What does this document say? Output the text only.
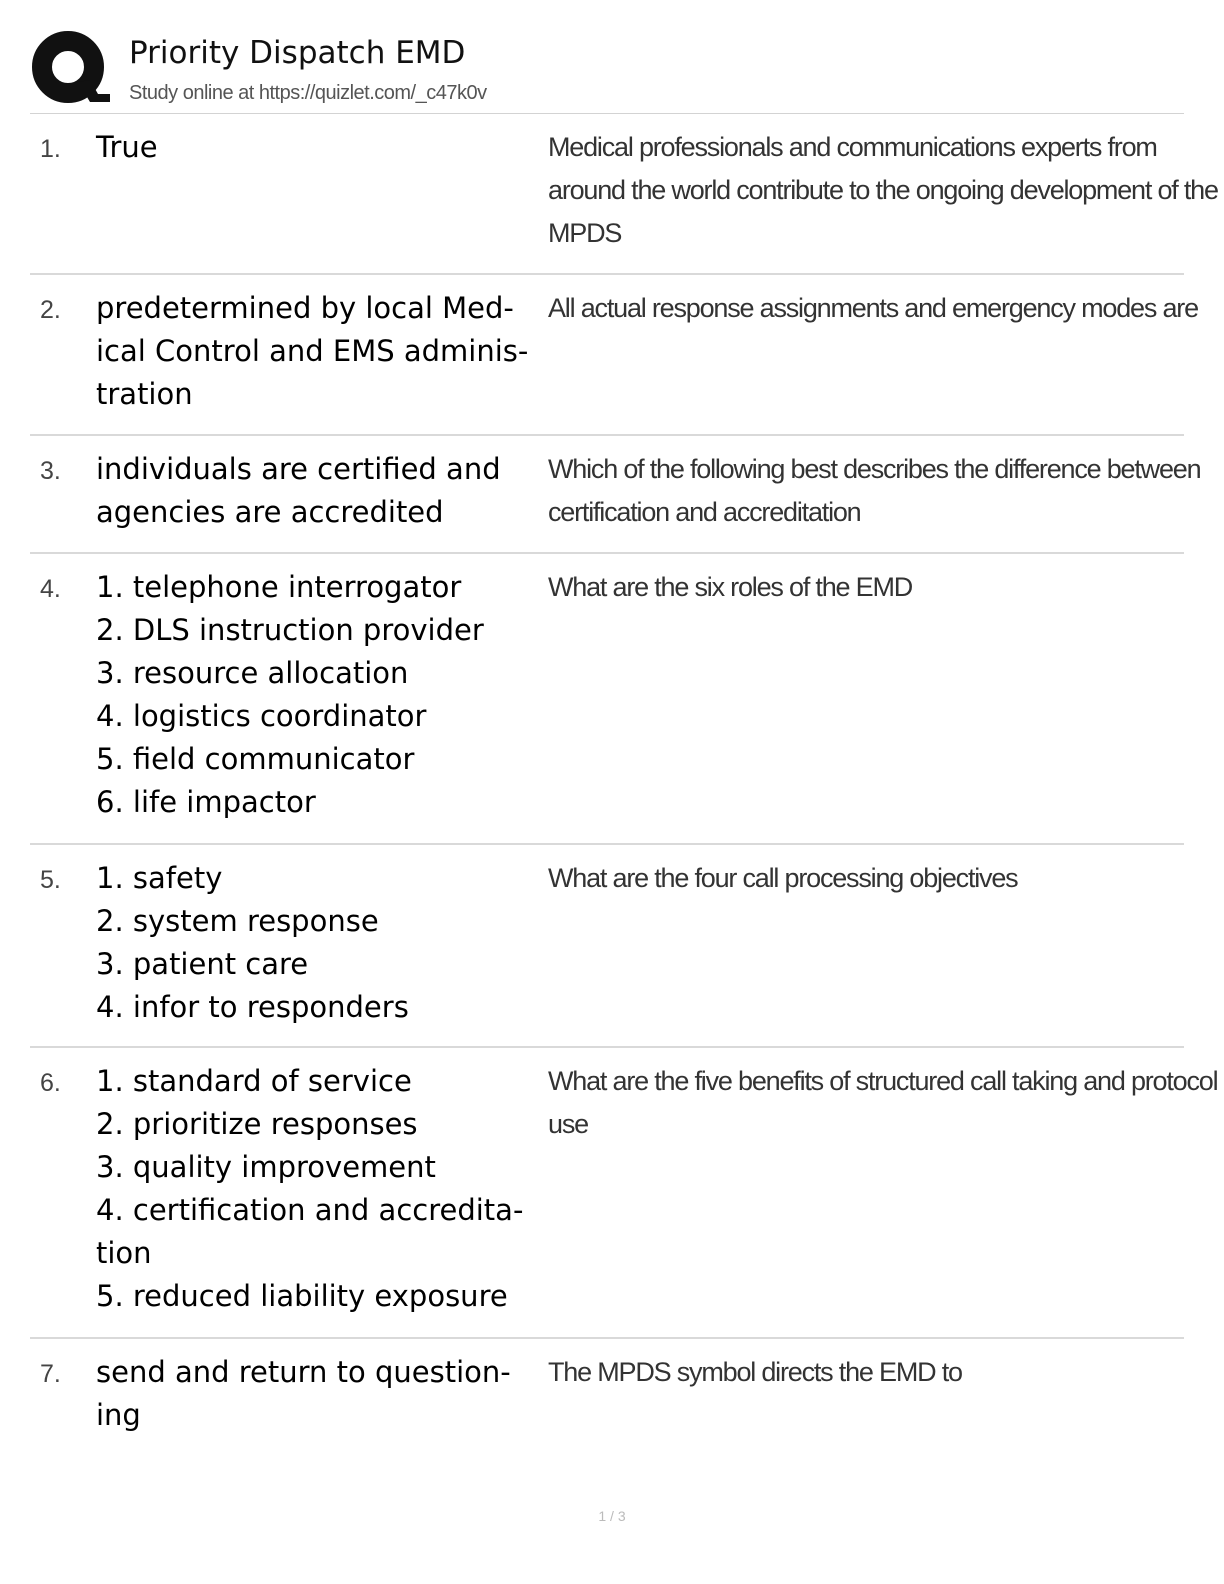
Priority Dispatch EMD
Study online at https://quizlet.com/_c47k0v
1.	True	Medical professionals and communications experts from
around the world contribute to the ongoing development of the
MPDS
2.	predetermined by local Med-
ical Control and EMS adminis-
tration
All actual response assignments and emergency modes are
3.	individuals are certified and
agencies are accredited
Which of the following best describes the difference between
certification and accreditation
4.	1. telephone interrogator
2. DLS instruction provider
3. resource allocation
4. logistics coordinator
5. field communicator
6. life impactor
What are the six roles of the EMD
5.	1. safety
2. system response
3. patient care
4. infor to responders
What are the four call processing objectives
6.	1. standard of service
2. prioritize responses
3. quality improvement
4. certification and accredita-
tion
5. reduced liability exposure
What are the five benefits of structured call taking and protocol
use
7.	send and return to question-
ing
The MPDS symbol directs the EMD to
1 / 3
